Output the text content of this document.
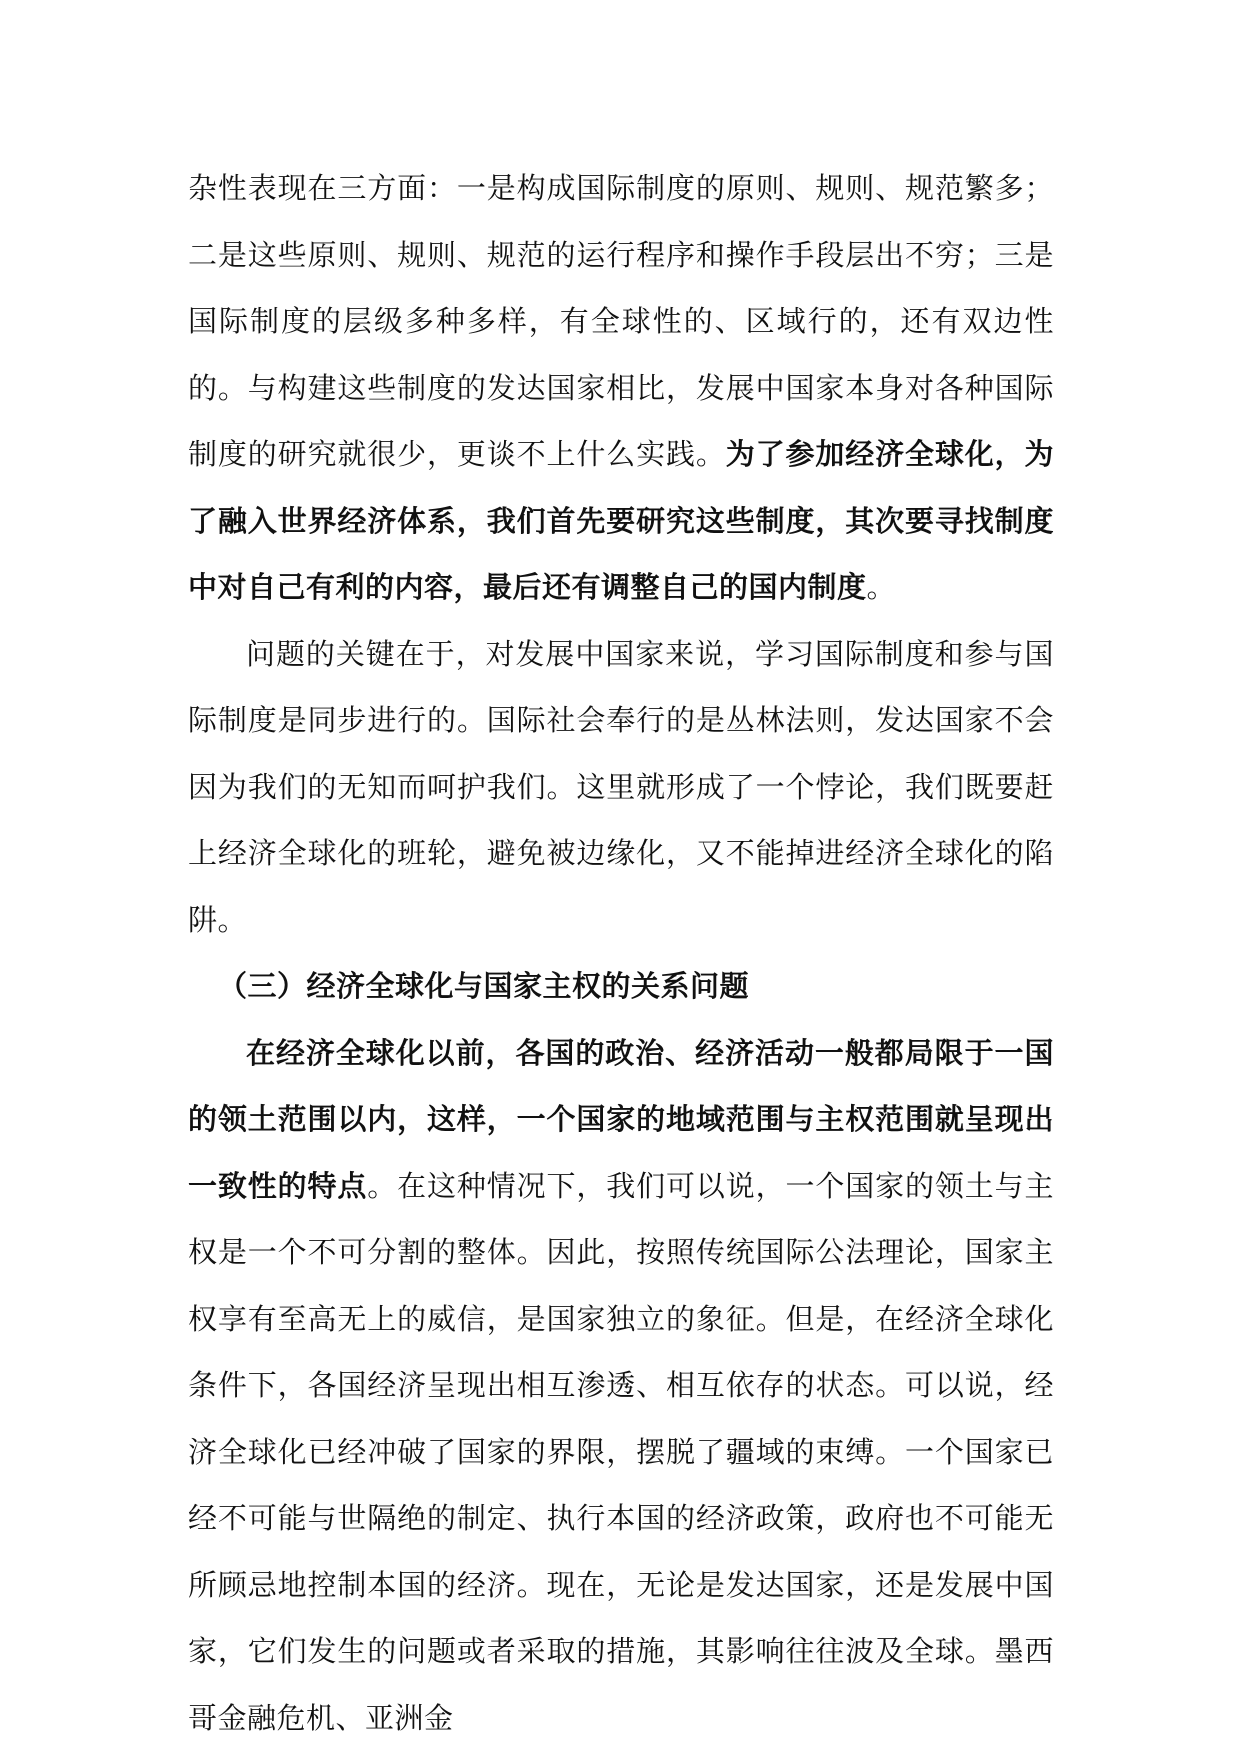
杂性表现在三方面：一是构成国际制度的原则、规则、规范繁多；二是这些原则、规则、规范的运行程序和操作手段层出不穷；三是国际制度的层级多种多样，有全球性的、区域行的，还有双边性的。与构建这些制度的发达国家相比，发展中国家本身对各种国际制度的研究就很少，更谈不上什么实践。为了参加经济全球化，为了融入世界经济体系，我们首先要研究这些制度，其次要寻找制度中对自己有利的内容，最后还有调整自己的国内制度。

问题的关键在于，对发展中国家来说，学习国际制度和参与国际制度是同步进行的。国际社会奉行的是丛林法则，发达国家不会因为我们的无知而呵护我们。这里就形成了一个悖论，我们既要赶上经济全球化的班轮，避免被边缘化，又不能掉进经济全球化的陷阱。

（三）经济全球化与国家主权的关系问题

在经济全球化以前，各国的政治、经济活动一般都局限于一国的领土范围以内，这样，一个国家的地域范围与主权范围就呈现出一致性的特点。在这种情况下，我们可以说，一个国家的领土与主权是一个不可分割的整体。因此，按照传统国际公法理论，国家主权享有至高无上的威信，是国家独立的象征。但是，在经济全球化条件下，各国经济呈现出相互渗透、相互依存的状态。可以说，经济全球化已经冲破了国家的界限，摆脱了疆域的束缚。一个国家已经不可能与世隔绝的制定、执行本国的经济政策，政府也不可能无所顾忌地控制本国的经济。现在，无论是发达国家，还是发展中国家，它们发生的问题或者采取的措施，其影响往往波及全球。墨西哥金融危机、亚洲金
